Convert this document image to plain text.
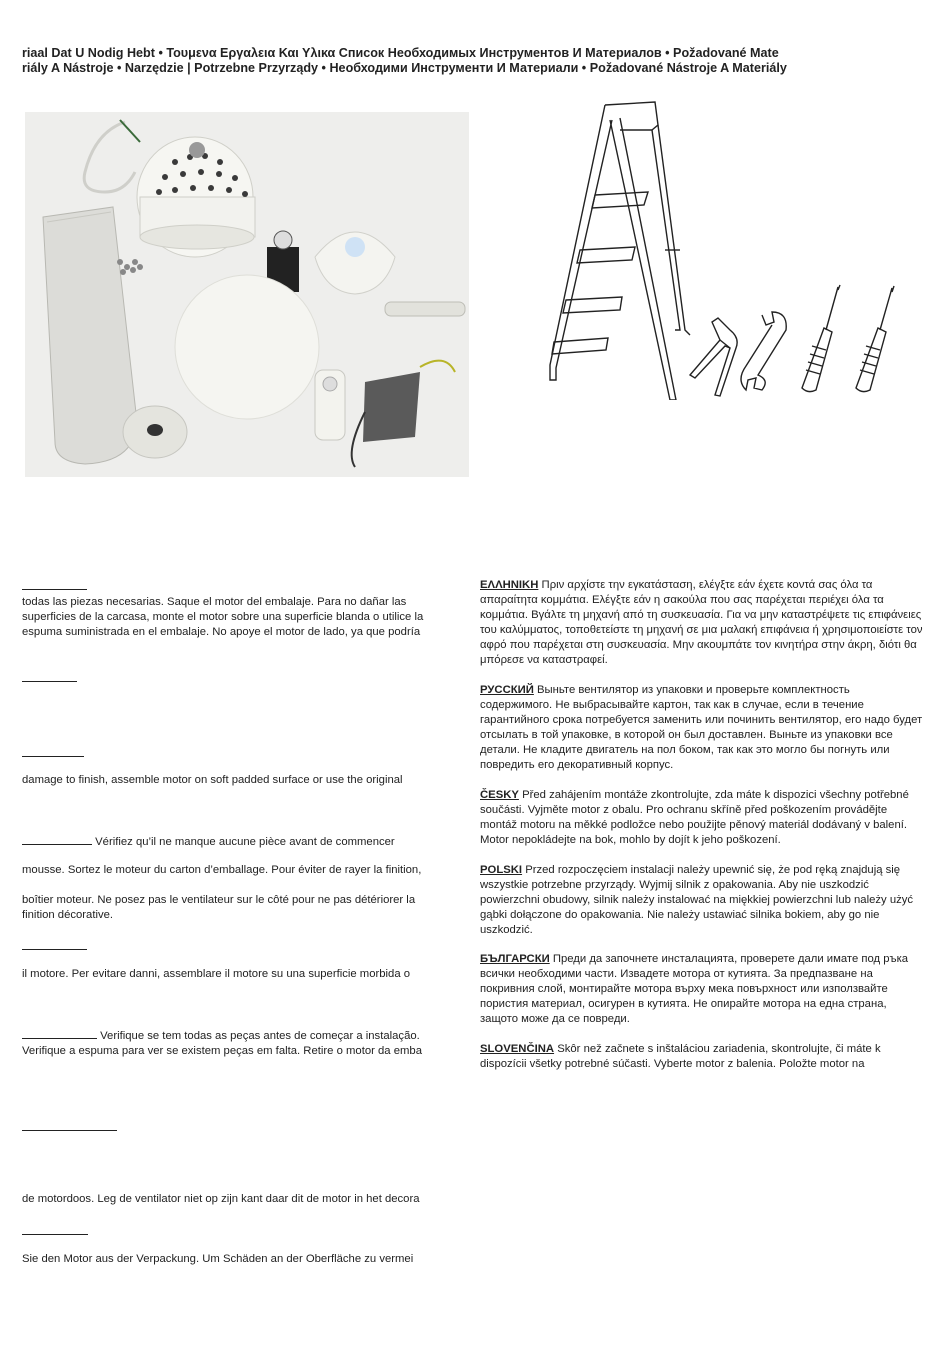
riaal Dat U Nodig Hebt • Τουμενα Εργαλεια Και Υλικα Список Необходимых Инструментов И Материалов • Požadované Mate
riály A Nástroje • Narzędzie | Potrzebne Przyrządy • Необходими Инструменти И Материали • Požadované Nástroje A Materiály
todas las piezas necesarias. Saque el motor del embalaje. Para no dañar las
superficies de la carcasa, monte el motor sobre una superficie blanda o utilice la
espuma suministrada en el embalaje. No apoye el motor de lado, ya que podría
damage to finish, assemble motor on soft padded surface or use the original
Vérifiez qu’il ne manque aucune pièce avant de commencer
mousse. Sortez le moteur du carton d’emballage. Pour éviter de rayer la finition,
boîtier moteur. Ne posez pas le ventilateur sur le côté pour ne pas détériorer la
finition décorative.
il motore. Per evitare danni, assemblare il motore su una superficie morbida o
Verifique se tem todas as peças antes de começar a instalação.
Verifique a espuma para ver se existem peças em falta. Retire o motor da emba
de motordoos. Leg de ventilator niet op zijn kant daar dit de motor in het decora
Sie den Motor aus der Verpackung. Um Schäden an der Oberfläche zu vermei
ΕΛΛΗΝΙΚΗ Πριν αρχίστε την εγκατάσταση, ελέγξτε εάν έχετε κοντά σας όλα τα απαραίτητα κομμάτια. Ελέγξτε εάν η σακούλα που σας παρέχεται περιέχει όλα τα κομμάτια. Βγάλτε τη μηχανή από τη συσκευασία. Για να μην καταστρέψετε τις επιφάνειες του καλύμματος, τοποθετείστε τη μηχανή σε μια μαλακή επιφάνεια ή χρησιμοποιείστε τον αφρό που παρέχεται στη συσκευασία. Μην ακουμπάτε τον κινητήρα στην άκρη, διότι θα μπόρεσε να καταστραφεί.
РУССКИЙ Выньте вентилятор из упаковки и проверьте комплектность содержимого. Не выбрасывайте картон, так как в случае, если в течение гарантийного срока потребуется заменить или починить вентилятор, его надо будет отсылать в той упаковке, в которой он был доставлен. Выньте из упаковки все детали. Не кладите двигатель на пол боком, так как это могло бы погнуть или повредить его декоративный корпус.
ČESKY Před zahájením montáže zkontrolujte, zda máte k dispozici všechny potřebné součásti. Vyjměte motor z obalu. Pro ochranu skříně před poškozením provádějte montáž motoru na měkké podložce nebo použijte pěnový materiál dodávaný v balení. Motor nepokládejte na bok, mohlo by dojít k jeho poškození.
POLSKI Przed rozpoczęciem instalacji należy upewnić się, że pod ręką znajdują się wszystkie potrzebne przyrządy. Wyjmij silnik z opakowania. Aby nie uszkodzić powierzchni obudowy, silnik należy instalować na miękkiej powierzchni lub należy użyć gąbki dołączone do opakowania. Nie należy ustawiać silnika bokiem, aby go nie uszkodzić.
БЪЛГАРСКИ Преди да започнете инсталацията, проверете дали имате под ръка всички необходими части. Извадете мотора от кутията. За предпазване на покривния слой, монтирайте мотора върху мека повърхност или използвайте пористия материал, осигурен в кутията. Не опирайте мотора на една страна, защото може да се повреди.
SLOVENČINA Skôr než začnete s inštaláciou zariadenia, skontrolujte, či máte k dispozícii všetky potrebné súčasti. Vyberte motor z balenia. Položte motor na
